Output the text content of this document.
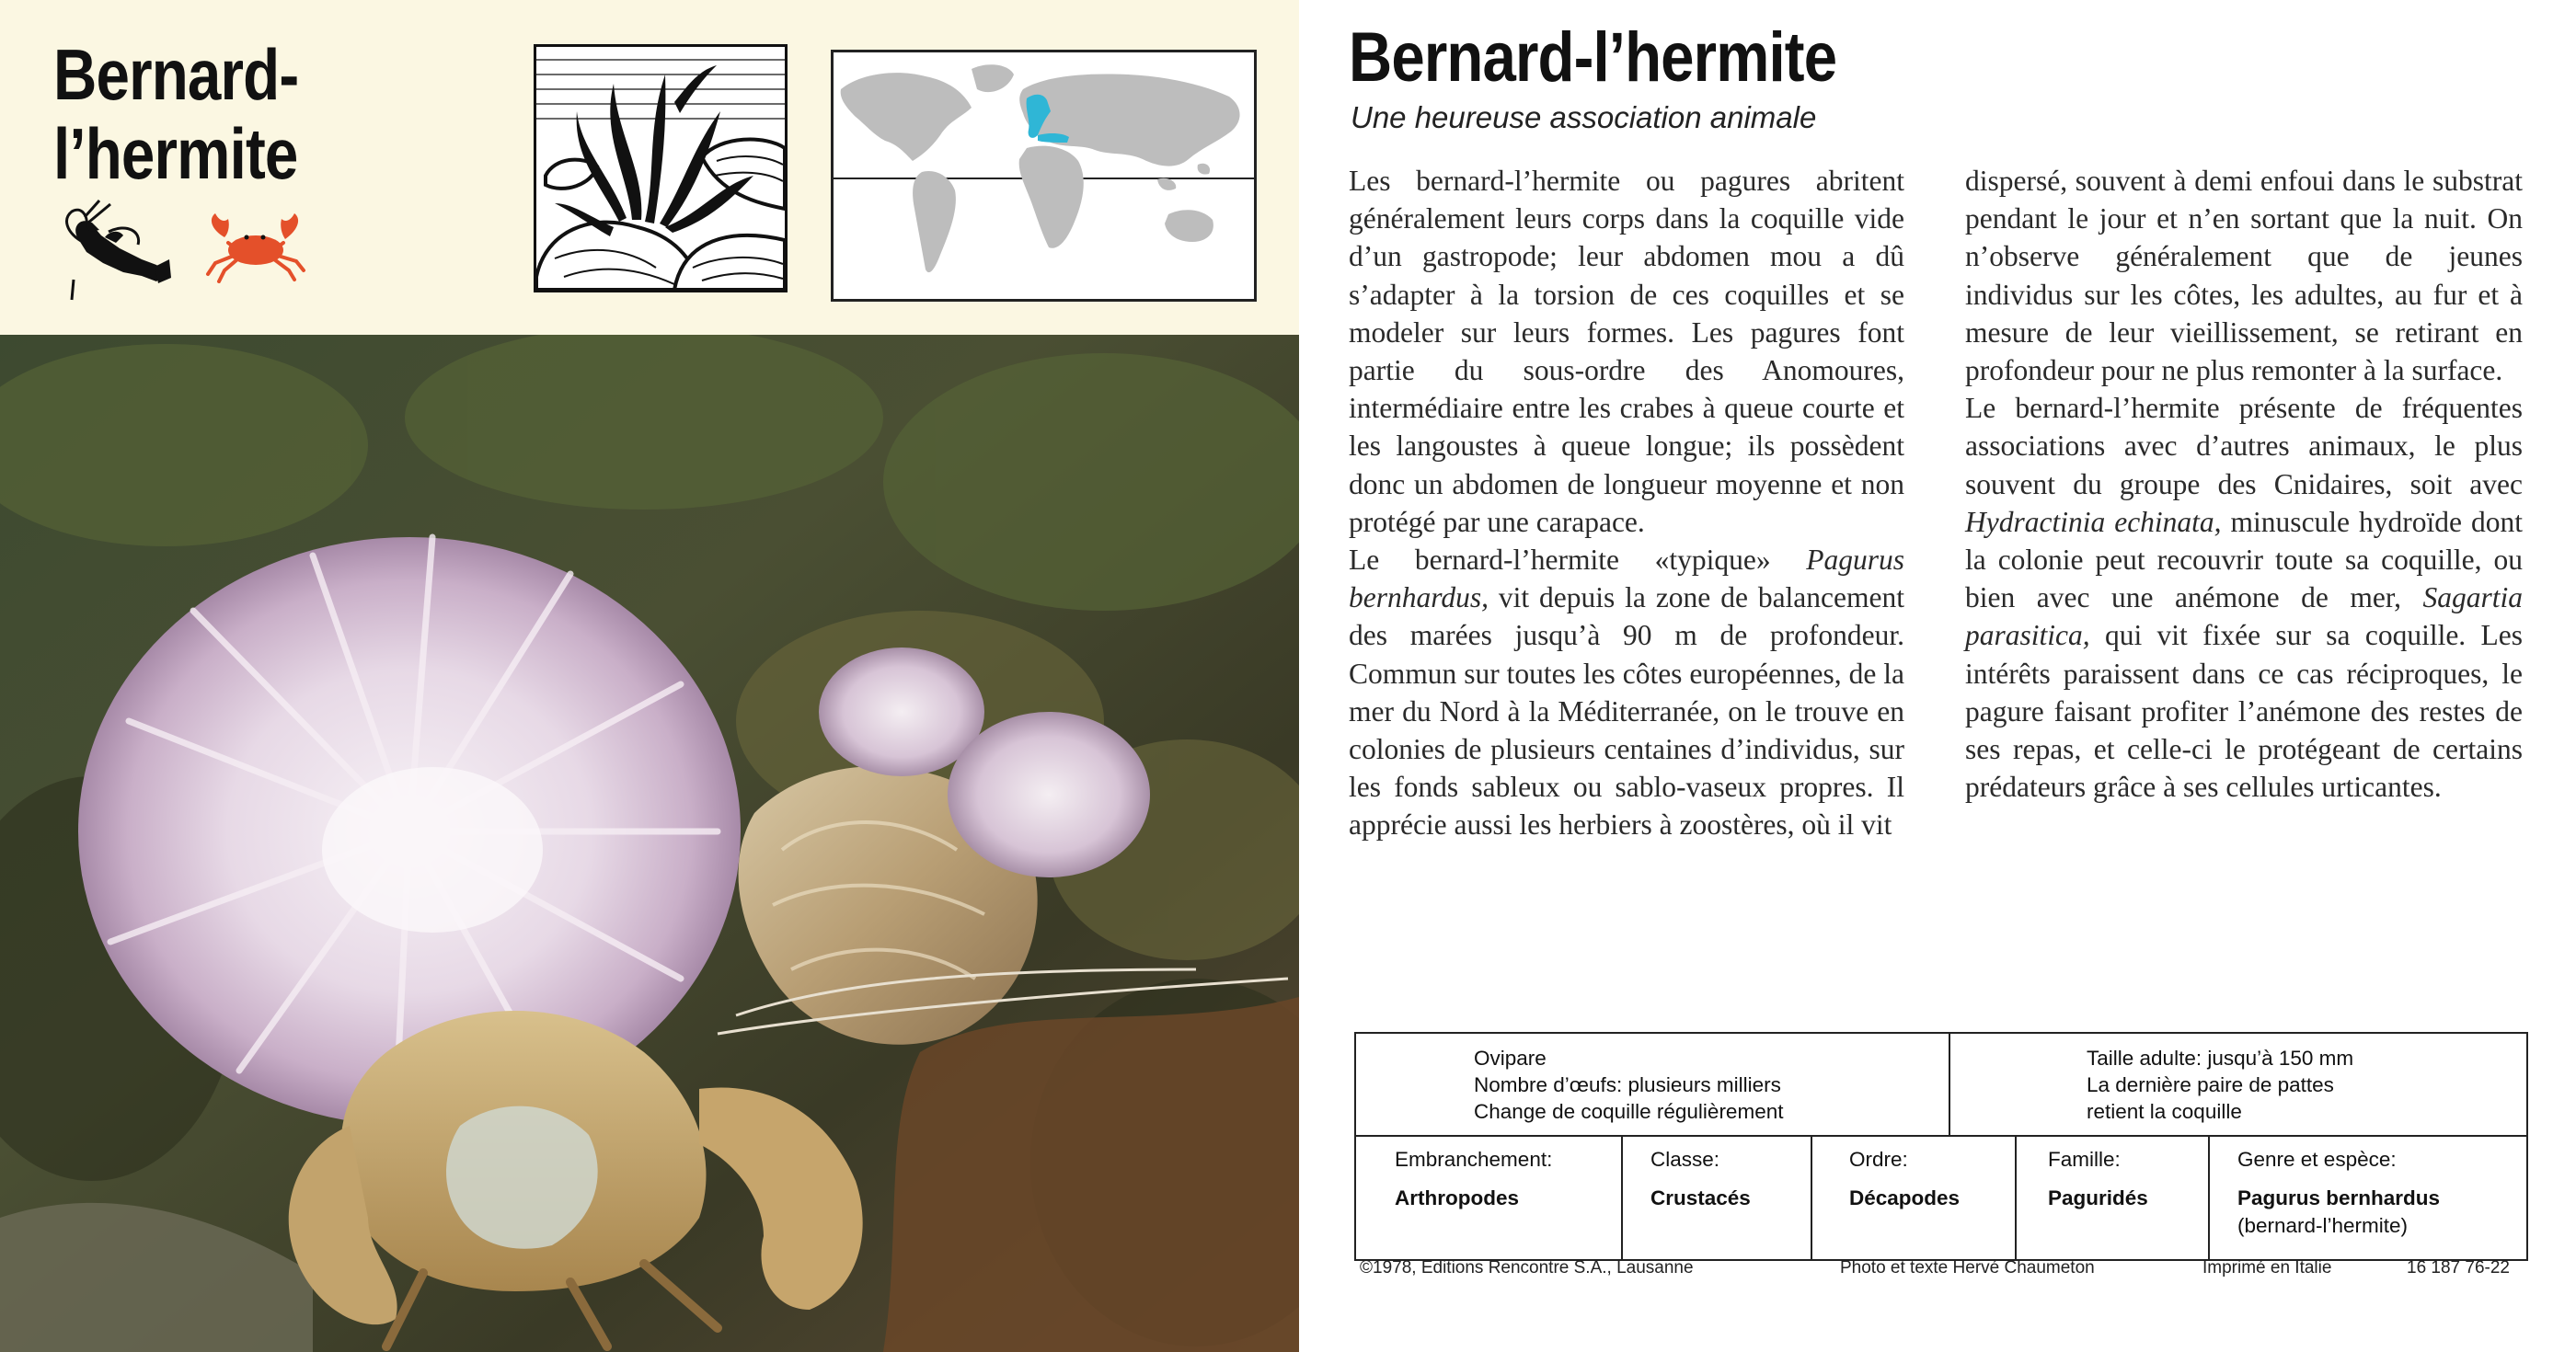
Bernard-
l’hermite
Bernard-l’hermite
Une heureuse association animale

Les bernard-l’hermite ou pagures abritent généralement leurs corps dans la coquille vide d’un gastropode; leur abdomen mou a dû s’adapter à la torsion de ces coquilles et se modeler sur leurs formes. Les pagures font partie du sous-ordre des Anomoures, intermédiaire entre les crabes à queue courte et les langoustes à queue longue; ils possèdent donc un abdomen de longueur moyenne et non protégé par une carapace.

Le bernard-l’hermite «typique» Pagurus bernhardus, vit depuis la zone de balancement des marées jusqu’à 90 m de profondeur. Commun sur toutes les côtes européennes, de la mer du Nord à la Méditerranée, on le trouve en colonies de plusieurs centaines d’individus, sur les fonds sableux ou sablo-vaseux propres. Il apprécie aussi les herbiers à zoostères, où il vit

dispersé, souvent à demi enfoui dans le substrat pendant le jour et n’en sortant que la nuit. On n’observe généralement que de jeunes individus sur les côtes, les adultes, au fur et à mesure de leur vieillissement, se retirant en profondeur pour ne plus remonter à la surface.

Le bernard-l’hermite présente de fréquentes associations avec d’autres animaux, le plus souvent du groupe des Cnidaires, soit avec Hydractinia echinata, minuscule hydroïde dont la colonie peut recouvrir toute sa coquille, ou bien avec une anémone de mer, Sagartia parasitica, qui vit fixée sur sa coquille. Les intérêts paraissent dans ce cas réciproques, le pagure faisant profiter l’anémone des restes de ses repas, et celle-ci le protégeant de certains prédateurs grâce à ses cellules urticantes.

Ovipare
Nombre d’œufs: plusieurs milliers
Change de coquille régulièrement
Taille adulte: jusqu’à 150 mm
La dernière paire de pattes
retient la coquille
Embranchement:
Arthropodes
Classe:
Crustacés
Ordre:
Décapodes
Famille:
Paguridés
Genre et espèce:
Pagurus bernhardus
(bernard-l’hermite)
©1978, Editions Rencontre S.A., Lausanne	Photo et texte Hervé Chaumeton	Imprimé en Italie	16 187 76-22
